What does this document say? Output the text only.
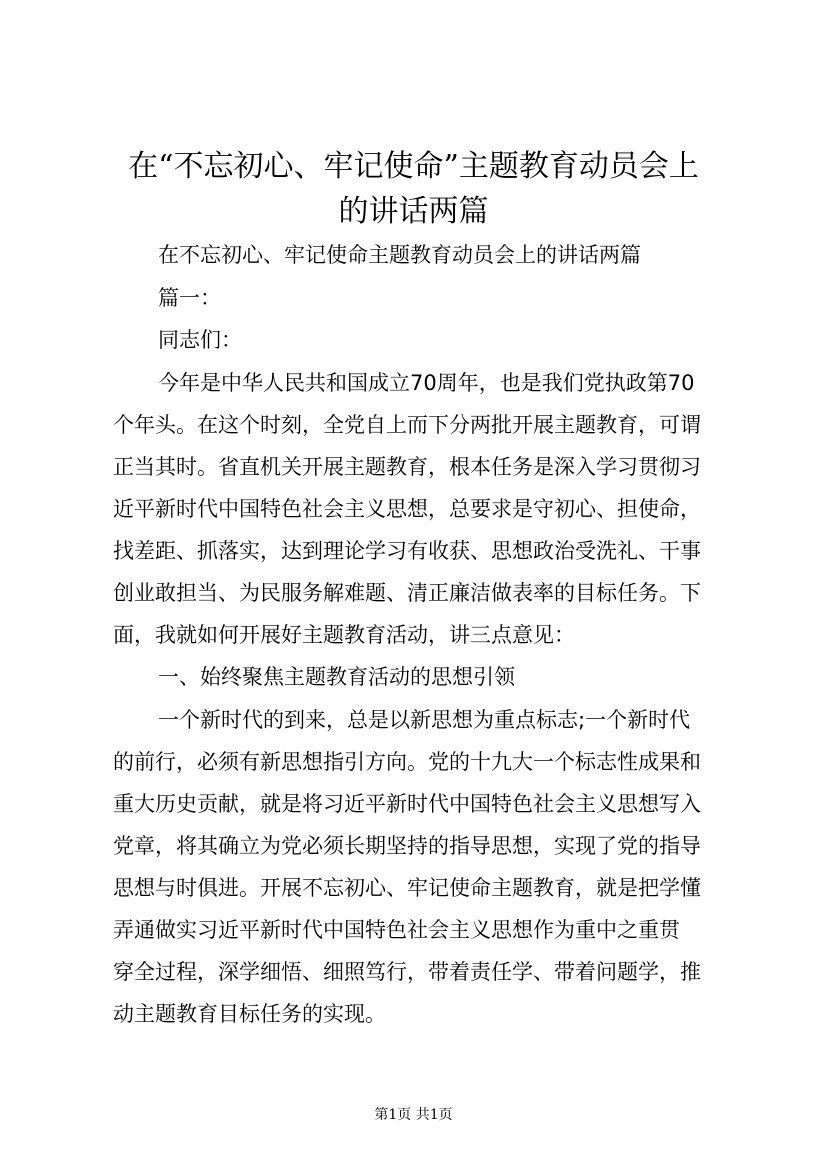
在“不忘初心、牢记使命”主题教育动员会上
的讲话两篇

在不忘初心、牢记使命主题教育动员会上的讲话两篇

篇一：

同志们：

今年是中华人民共和国成立70周年，也是我们党执政第70

个年头。在这个时刻，全党自上而下分两批开展主题教育，可谓

正当其时。省直机关开展主题教育，根本任务是深入学习贯彻习

近平新时代中国特色社会主义思想，总要求是守初心、担使命，

找差距、抓落实，达到理论学习有收获、思想政治受洗礼、干事

创业敢担当、为民服务解难题、清正廉洁做表率的目标任务。下

面，我就如何开展好主题教育活动，讲三点意见：

一、始终聚焦主题教育活动的思想引领

一个新时代的到来，总是以新思想为重点标志;一个新时代

的前行，必须有新思想指引方向。党的十九大一个标志性成果和

重大历史贡献，就是将习近平新时代中国特色社会主义思想写入

党章，将其确立为党必须长期坚持的指导思想，实现了党的指导

思想与时俱进。开展不忘初心、牢记使命主题教育，就是把学懂

弄通做实习近平新时代中国特色社会主义思想作为重中之重贯

穿全过程，深学细悟、细照笃行，带着责任学、带着问题学，推

动主题教育目标任务的实现。

第1页 共1页
